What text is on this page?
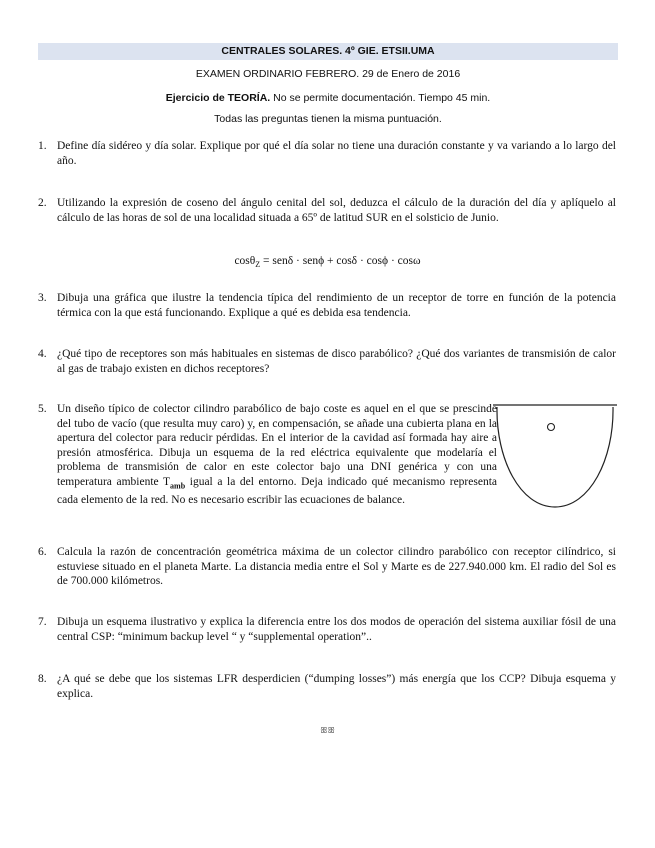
CENTRALES SOLARES. 4º GIE. ETSII.UMA
EXAMEN ORDINARIO FEBRERO. 29 de Enero de 2016
Ejercicio de TEORÍA. No se permite documentación. Tiempo 45 min.
Todas las preguntas tienen la misma puntuación.
1. Define día sidéreo y día solar. Explique por qué el día solar no tiene una duración constante y va variando a lo largo del año.
2. Utilizando la expresión de coseno del ángulo cenital del sol, deduzca el cálculo de la duración del día y aplíquelo al cálculo de las horas de sol de una localidad situada a 65º de latitud SUR en el solsticio de Junio.
cosθ$_Z$ = senδ · senϕ + cosδ · cosϕ · cosω
3. Dibuja una gráfica que ilustre la tendencia típica del rendimiento de un receptor de torre en función de la potencia térmica con la que está funcionando. Explique a qué es debida esa tendencia.
4. ¿Qué tipo de receptores son más habituales en sistemas de disco parabólico? ¿Qué dos variantes de transmisión de calor al gas de trabajo existen en dichos receptores?
5. Un diseño típico de colector cilindro parabólico de bajo coste es aquel en el que se prescinde del tubo de vacío (que resulta muy caro) y, en compensación, se añade una cubierta plana en la apertura del colector para reducir pérdidas. En el interior de la cavidad así formada hay aire a presión atmosférica. Dibuja un esquema de la red eléctrica equivalente que modelaría el problema de transmisión de calor en este colector bajo una DNI genérica y con una temperatura ambiente $T_{amb}$ igual a la del entorno. Deja indicado qué mecanismo representa cada elemento de la red. No es necesario escribir las ecuaciones de balance.
6. Calcula la razón de concentración geométrica máxima de un colector cilindro parabólico con receptor cilíndrico, si estuviese situado en el planeta Marte. La distancia media entre el Sol y Marte es de 227.940.000 km. El radio del Sol es de 700.000 kilómetros.
7. Dibuja un esquema ilustrativo y explica la diferencia entre los dos modos de operación del sistema auxiliar fósil de una central CSP: “minimum backup level “ y “supplemental operation”..
8. ¿A qué se debe que los sistemas LFR desperdicien (“dumping losses”) más energía que los CCP? Dibuja esquema y explica.
ꕥꕥ
